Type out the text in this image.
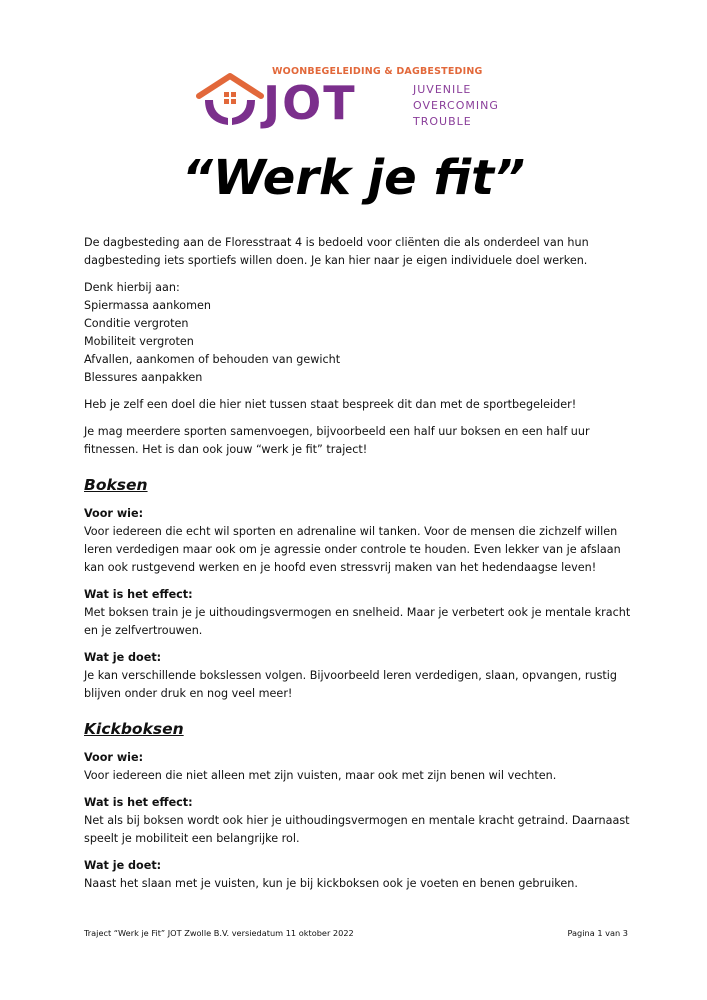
WOONBEGELEIDING & DAGBESTEDING
JOT	JUVENILE
OVERCOMING
TROUBLE
“Werk je fit”

De dagbesteding aan de Floresstraat 4 is bedoeld voor cliënten die als onderdeel van hun dagbesteding iets sportiefs willen doen. Je kan hier naar je eigen individuele doel werken.

Denk hierbij aan:
Spiermassa aankomen
Conditie vergroten
Mobiliteit vergroten
Afvallen, aankomen of behouden van gewicht
Blessures aanpakken

Heb je zelf een doel die hier niet tussen staat bespreek dit dan met de sportbegeleider!

Je mag meerdere sporten samenvoegen, bijvoorbeeld een half uur boksen en een half uur fitnessen. Het is dan ook jouw “werk je fit” traject!

Boksen

Voor wie:
Voor iedereen die echt wil sporten en adrenaline wil tanken. Voor de mensen die zichzelf willen leren verdedigen maar ook om je agressie onder controle te houden. Even lekker van je afslaan kan ook rustgevend werken en je hoofd even stressvrij maken van het hedendaagse leven!

Wat is het effect:
Met boksen train je je uithoudingsvermogen en snelheid. Maar je verbetert ook je mentale kracht en je zelfvertrouwen.

Wat je doet:
Je kan verschillende bokslessen volgen. Bijvoorbeeld leren verdedigen, slaan, opvangen, rustig blijven onder druk en nog veel meer!

Kickboksen

Voor wie:
Voor iedereen die niet alleen met zijn vuisten, maar ook met zijn benen wil vechten.

Wat is het effect:
Net als bij boksen wordt ook hier je uithoudingsvermogen en mentale kracht getraind. Daarnaast speelt je mobiliteit een belangrijke rol.

Wat je doet:
Naast het slaan met je vuisten, kun je bij kickboksen ook je voeten en benen gebruiken.

Traject “Werk je Fit” JOT Zwolle B.V. versiedatum 11 oktober 2022	Pagina 1 van 3
